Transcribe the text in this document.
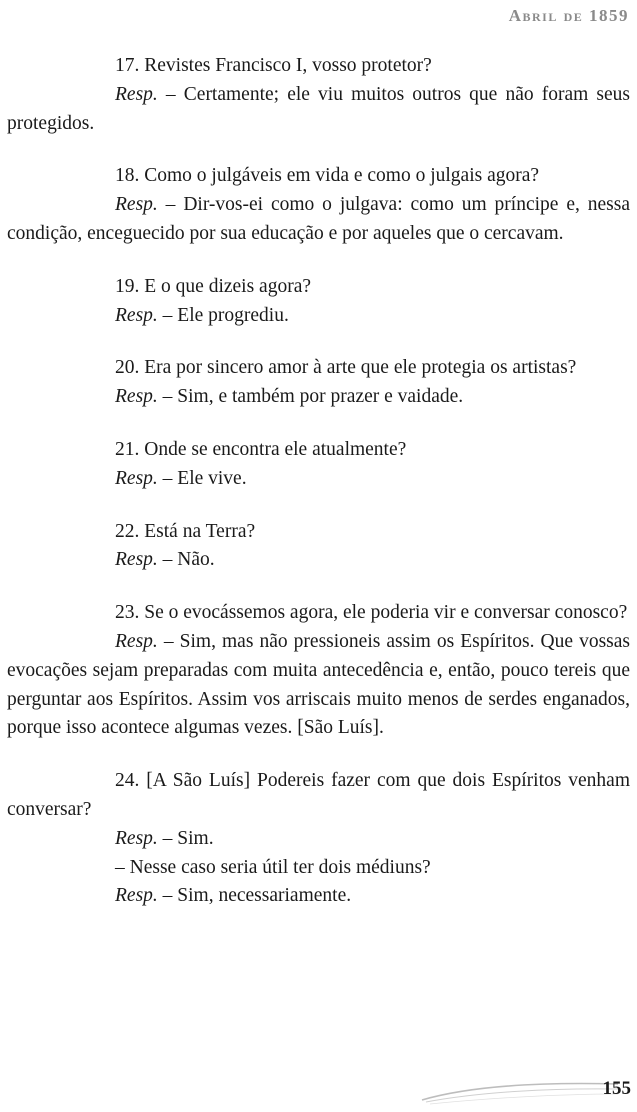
Abril de 1859

17. Revistes Francisco I, vosso protetor?

Resp. – Certamente; ele viu muitos outros que não foram seus protegidos.

18. Como o julgáveis em vida e como o julgais agora?

Resp. – Dir-vos-ei como o julgava: como um príncipe e, nessa condição, enceguecido por sua educação e por aqueles que o cercavam.

19. E o que dizeis agora?

Resp. – Ele progrediu.

20. Era por sincero amor à arte que ele protegia os artistas?

Resp. – Sim, e também por prazer e vaidade.

21. Onde se encontra ele atualmente?

Resp. – Ele vive.

22. Está na Terra?

Resp. – Não.

23. Se o evocássemos agora, ele poderia vir e conversar conosco?

Resp. – Sim, mas não pressioneis assim os Espíritos. Que vossas evocações sejam preparadas com muita antecedência e, então, pouco tereis que perguntar aos Espíritos. Assim vos arriscais muito menos de serdes enganados, porque isso acontece algumas vezes. [São Luís].

24. [A São Luís] Podereis fazer com que dois Espíritos venham conversar?

Resp. – Sim.

– Nesse caso seria útil ter dois médiuns?

Resp. – Sim, necessariamente.

155
